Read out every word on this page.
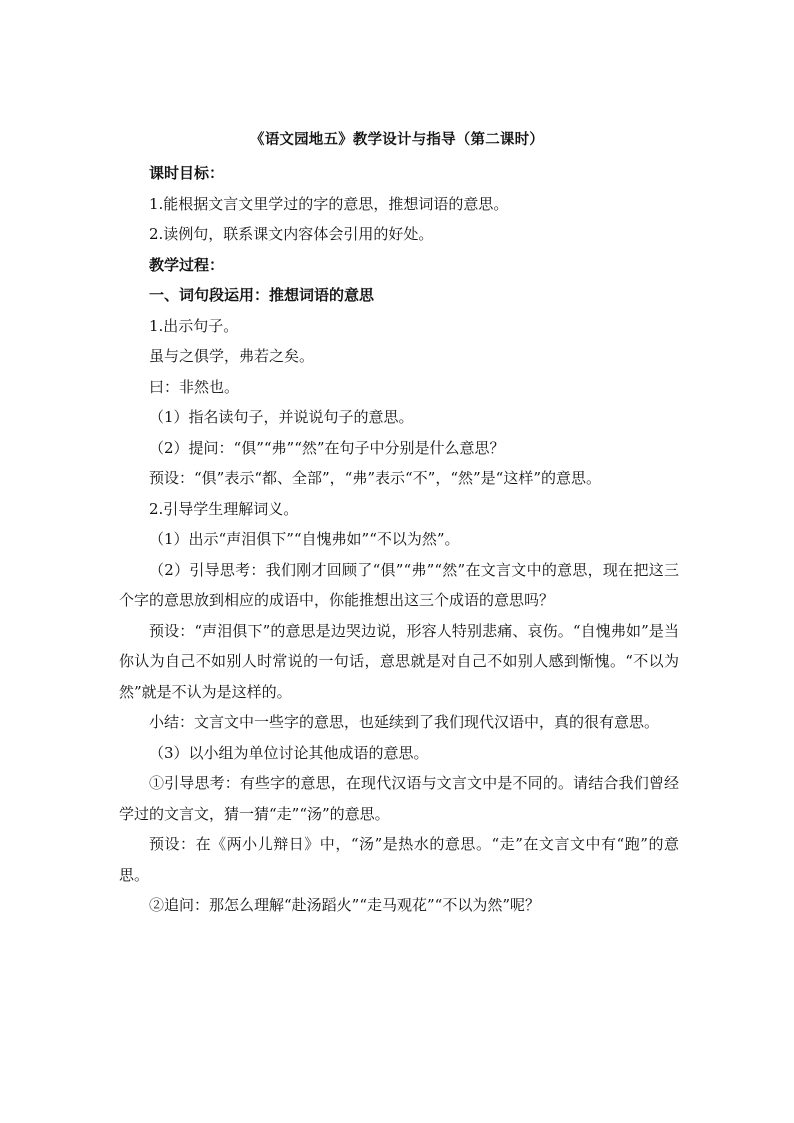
《语文园地五》教学设计与指导（第二课时）

课时目标：

1.能根据文言文里学过的字的意思，推想词语的意思。

2.读例句，联系课文内容体会引用的好处。

教学过程：

一、词句段运用：推想词语的意思

1.出示句子。

虽与之俱学，弗若之矣。

曰：非然也。

（1）指名读句子，并说说句子的意思。

（2）提问：“俱”“弗”“然”在句子中分别是什么意思？

预设：“俱”表示“都、全部”，“弗”表示“不”，“然”是“这样”的意思。

2.引导学生理解词义。

（1）出示“声泪俱下”“自愧弗如”“不以为然”。

（2）引导思考：我们刚才回顾了“俱”“弗”“然”在文言文中的意思，现在把这三个字的意思放到相应的成语中，你能推想出这三个成语的意思吗？

预设：“声泪俱下”的意思是边哭边说，形容人特别悲痛、哀伤。“自愧弗如”是当你认为自己不如别人时常说的一句话，意思就是对自己不如别人感到惭愧。“不以为然”就是不认为是这样的。

小结：文言文中一些字的意思，也延续到了我们现代汉语中，真的很有意思。

（3）以小组为单位讨论其他成语的意思。

①引导思考：有些字的意思，在现代汉语与文言文中是不同的。请结合我们曾经学过的文言文，猜一猜“走”“汤”的意思。

预设：在《两小儿辩日》中，“汤”是热水的意思。“走”在文言文中有“跑”的意思。

②追问：那怎么理解“赴汤蹈火”“走马观花”“不以为然”呢？
